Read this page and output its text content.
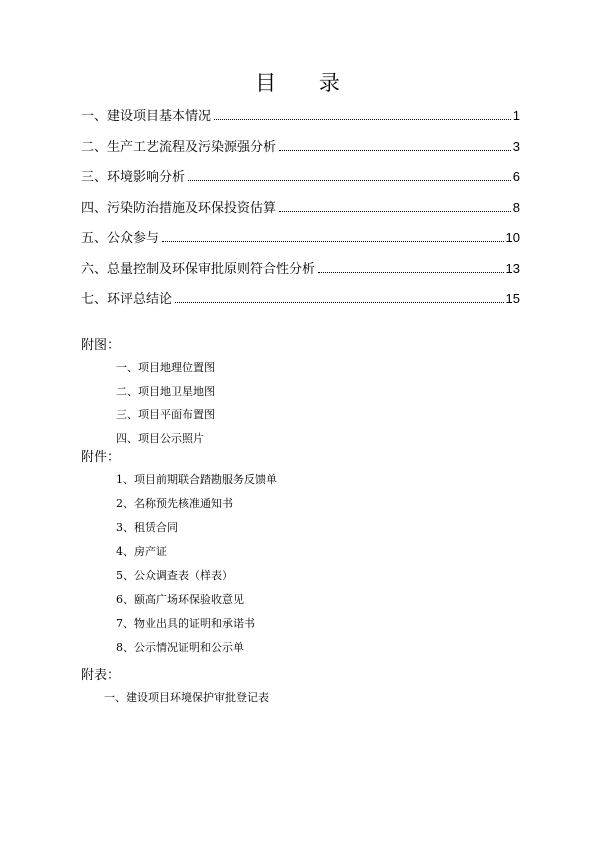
目 录
一、建设项目基本情况	1
二、生产工艺流程及污染源强分析	3
三、环境影响分析	6
四、污染防治措施及环保投资估算	8
五、公众参与	10
六、总量控制及环保审批原则符合性分析	13
七、环评总结论	15
附图：
一、项目地理位置图
二、项目地卫星地图
三、项目平面布置图
四、项目公示照片
附件：
1、项目前期联合踏勘服务反馈单
2、名称预先核准通知书
3、租赁合同
4、房产证
5、公众调查表（样表）
6、颐高广场环保验收意见
7、物业出具的证明和承诺书
8、公示情况证明和公示单
附表：
一、建设项目环境保护审批登记表
